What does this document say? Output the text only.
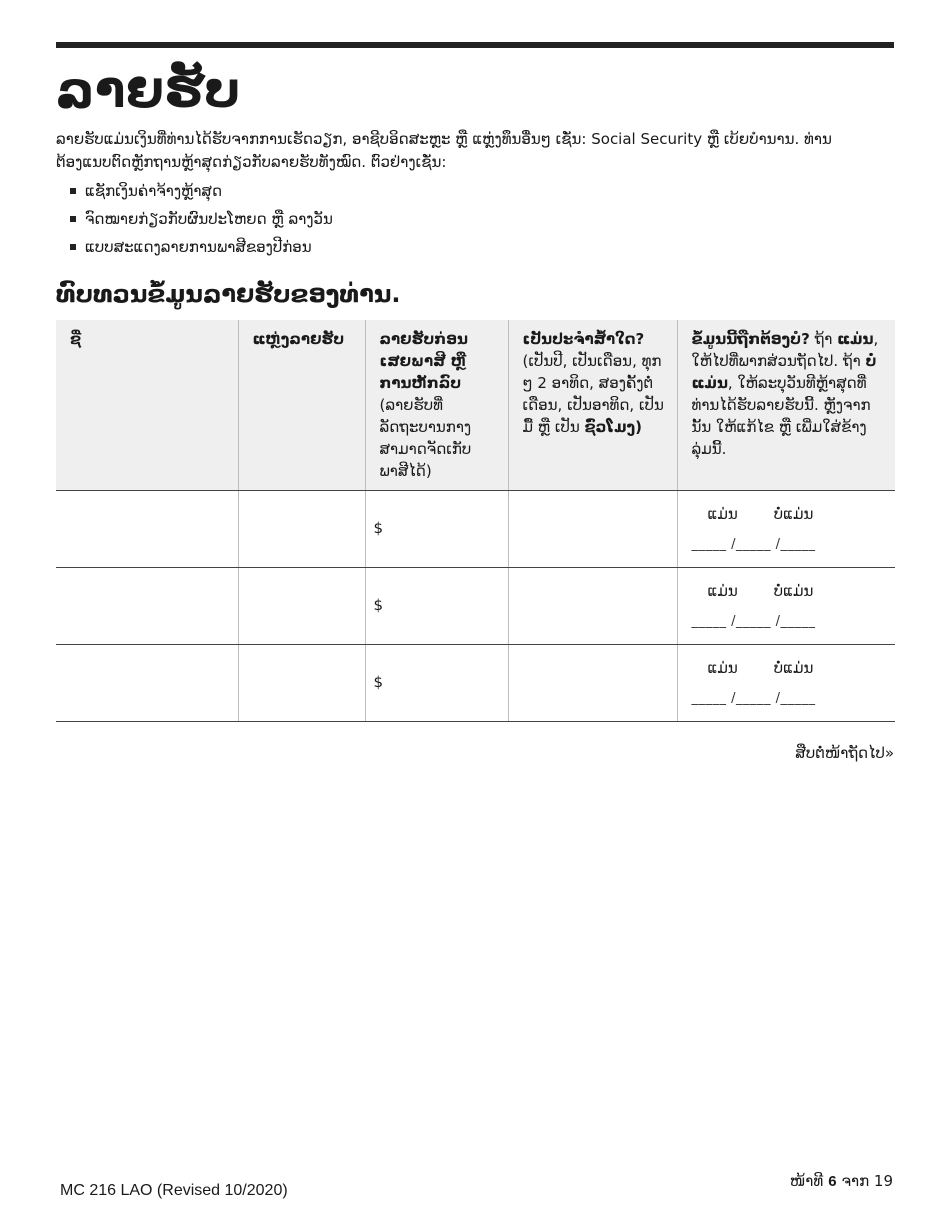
ລາຍຮັບ

ລາຍຮັບແມ່ນເງິນທີ່ທ່ານໄດ້ຮັບຈາກການເຮັດວຽກ, ອາຊີບອິດສະຫຼະ ຫຼື ແຫຼ່ງທຶນອື່ນໆ ເຊັ່ນ: Social Security ຫຼື ເບ້ຍບໍານານ. ທ່ານຕ້ອງແນບຕົດຫຼັກຖານຫຼ້າສຸດກ່ຽວກັບລາຍຮັບທັງໝົດ. ຕົວຢ່າງເຊັ່ນ:

ແຊັກເງິນຄ່າຈ້າງຫຼ້າສຸດ
ຈົດໝາຍກ່ຽວກັບຜົນປະໂຫຍດ ຫຼື ລາງວັນ
ແບບສະແດງລາຍການພາສີຂອງປີກ່ອນ
ທົບທວນຂໍ້ມູນລາຍຮັບຂອງທ່ານ.
ຊື່	ແຫຼ່ງລາຍຮັບ	ລາຍຮັບກ່ອນເສຍພາສີ ຫຼື ການຫັກລົບ (ລາຍຮັບທີ່ລັດຖະບານກາງສາມາດຈັດເກັບພາສີໄດ້)	ເປັນປະຈໍາສໍ້າໃດ? (ເປັນປີ, ເປັນເດືອນ, ທຸກໆ 2 ອາທິດ, ສອງຄັ້ງຕໍ່ເດືອນ, ເປັນອາທິດ, ເປັນມື້ ຫຼື ເປັນ ຊົ່ວໂມງ)	ຂໍ້ມູນນີ້ຖືກຕ້ອງບໍ? ຖ້າ ແມ່ນ, ໃຫ້ໄປທີ່ພາກສ່ວນຖັດໄປ. ຖ້າ ບໍ່ແມ່ນ, ໃຫ້ລະບຸວັນທີຫຼ້າສຸດທີ່ທ່ານໄດ້ຮັບລາຍຮັບນີ້. ຫຼັງຈາກນັ້ນ ໃຫ້ແກ້ໄຂ ຫຼື ເພີ່ມໃສ່ຂ້າງລຸ່ມນີ້.

		$		ແມ່ນ ບໍ່ແມ່ນ
_____ /_____ /_____

		$		ແມ່ນ ບໍ່ແມ່ນ
_____ /_____ /_____

		$		ແມ່ນ ບໍ່ແມ່ນ
_____ /_____ /_____
ສືບຕໍ່ໜ້າຖັດໄປ»
MC 216 LAO (Revised 10/2020)
ໜ້າທີ 6 ຈາກ 19
